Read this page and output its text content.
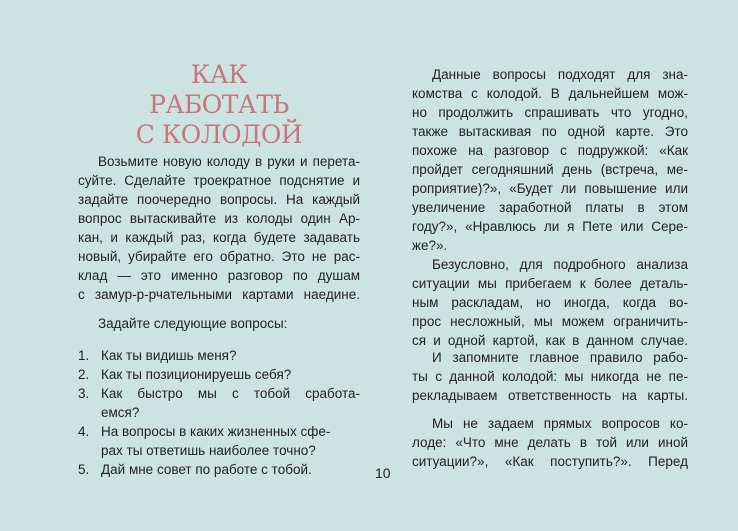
КАК
РАБОТАТЬ
С КОЛОДОЙ
Возьмите новую колоду в руки и перета-
суйте. Сделайте троекратное подснятие и
задайте поочередно вопросы. На каждый
вопрос вытаскивайте из колоды один Ар-
кан, и каждый раз, когда будете задавать
новый, убирайте его обратно. Это не рас-
клад — это именно разговор по душам
с замур-р-рчательными картами наедине.
Задайте следующие вопросы:
1. Как ты видишь меня?
2. Как ты позиционируешь себя?
3. Как быстро мы с тобой сработа-
емся?
4. На вопросы в каких жизненных сфе-
рах ты ответишь наиболее точно?
5. Дай мне совет по работе с тобой.	10
Данные вопросы подходят для зна-
комства с колодой. В дальнейшем мож-
но продолжить спрашивать что угодно,
также вытаскивая по одной карте. Это
похоже на разговор с подружкой: «Как
пройдет сегодняшний день (встреча, ме-
роприятие)?», «Будет ли повышение или
увеличение заработной платы в этом
году?», «Нравлюсь ли я Пете или Сере-
же?».
Безусловно, для подробного анализа
ситуации мы прибегаем к более деталь-
ным раскладам, но иногда, когда во-
прос несложный, мы можем ограничить-
ся и одной картой, как в данном случае.
И запомните главное правило рабо-
ты с данной колодой: мы никогда не пе-
рекладываем ответственность на карты.
Мы не задаем прямых вопросов ко-
лоде: «Что мне делать в той или иной
ситуации?», «Как поступить?». Перед
